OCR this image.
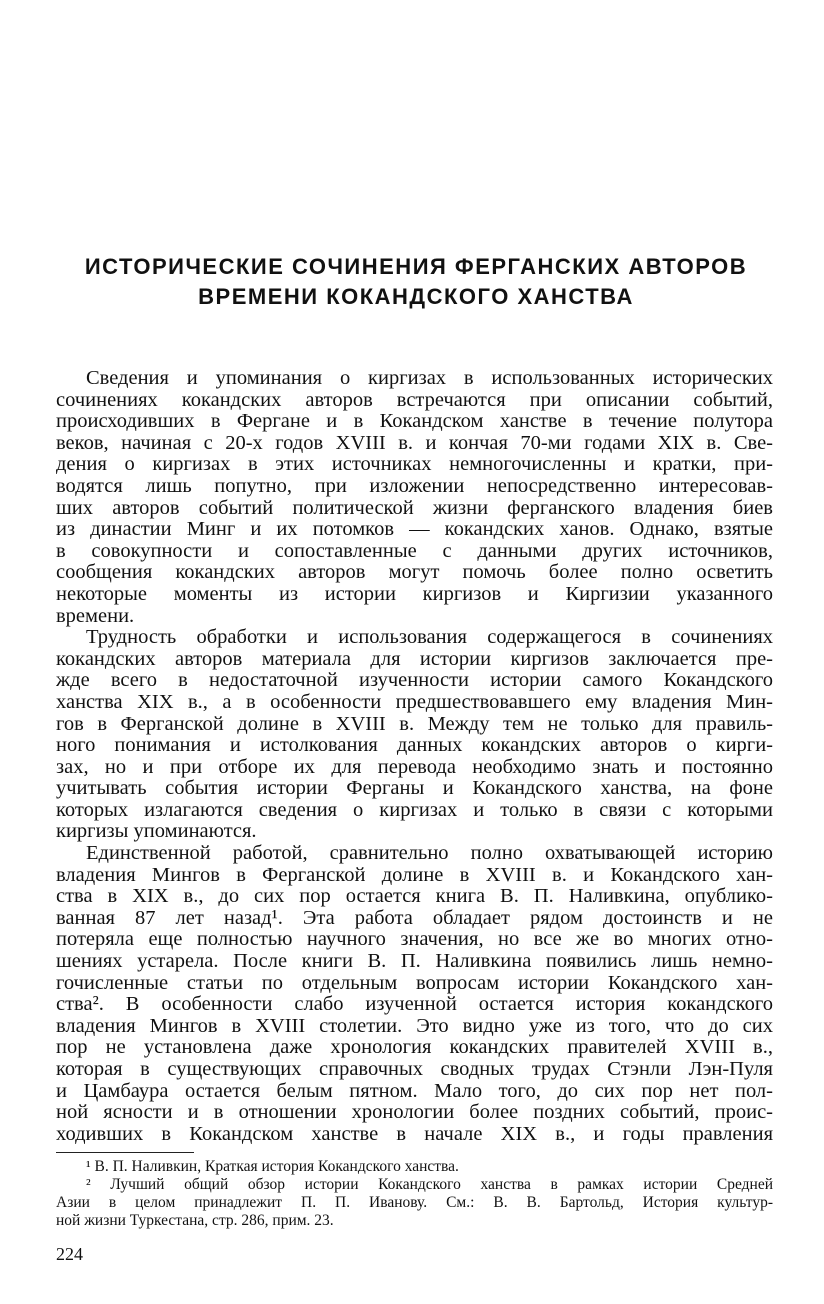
ИСТОРИЧЕСКИЕ СОЧИНЕНИЯ ФЕРГАНСКИХ АВТОРОВ
ВРЕМЕНИ КОКАНДСКОГО ХАНСТВА
Сведения и упоминания о киргизах в использованных исторических
сочинениях кокандских авторов встречаются при описании событий,
происходивших в Фергане и в Кокандском ханстве в течение полутора
веков, начиная с 20-х годов XVIII в. и кончая 70-ми годами XIX в. Све-
дения о киргизах в этих источниках немногочисленны и кратки, при-
водятся лишь попутно, при изложении непосредственно интересовав-
ших авторов событий политической жизни ферганского владения биев
из династии Минг и их потомков — кокандских ханов. Однако, взятые
в совокупности и сопоставленные с данными других источников,
сообщения кокандских авторов могут помочь более полно осветить
некоторые моменты из истории киргизов и Киргизии указанного
времени.
Трудность обработки и использования содержащегося в сочинениях
кокандских авторов материала для истории киргизов заключается пре-
жде всего в недостаточной изученности истории самого Кокандского
ханства XIX в., а в особенности предшествовавшего ему владения Мин-
гов в Ферганской долине в XVIII в. Между тем не только для правиль-
ного понимания и истолкования данных кокандских авторов о кирги-
зах, но и при отборе их для перевода необходимо знать и постоянно
учитывать события истории Ферганы и Кокандского ханства, на фоне
которых излагаются сведения о киргизах и только в связи с которыми
киргизы упоминаются.
Единственной работой, сравнительно полно охватывающей историю
владения Мингов в Ферганской долине в XVIII в. и Кокандского хан-
ства в XIX в., до сих пор остается книга В. П. Наливкина, опублико-
ванная 87 лет назад¹. Эта работа обладает рядом достоинств и не
потеряла еще полностью научного значения, но все же во многих отно-
шениях устарела. После книги В. П. Наливкина появились лишь немно-
гочисленные статьи по отдельным вопросам истории Кокандского хан-
ства². В особенности слабо изученной остается история кокандского
владения Мингов в XVIII столетии. Это видно уже из того, что до сих
пор не установлена даже хронология кокандских правителей XVIII в.,
которая в существующих справочных сводных трудах Стэнли Лэн-Пуля
и Цамбаура остается белым пятном. Мало того, до сих пор нет пол-
ной ясности и в отношении хронологии более поздних событий, проис-
ходивших в Кокандском ханстве в начале XIX в., и годы правления
¹ В. П. Наливкин, Краткая история Кокандского ханства.
² Лучший общий обзор истории Кокандского ханства в рамках истории Средней
Азии в целом принадлежит П. П. Иванову. См.: В. В. Бартольд, История культур-
ной жизни Туркестана, стр. 286, прим. 23.
224
